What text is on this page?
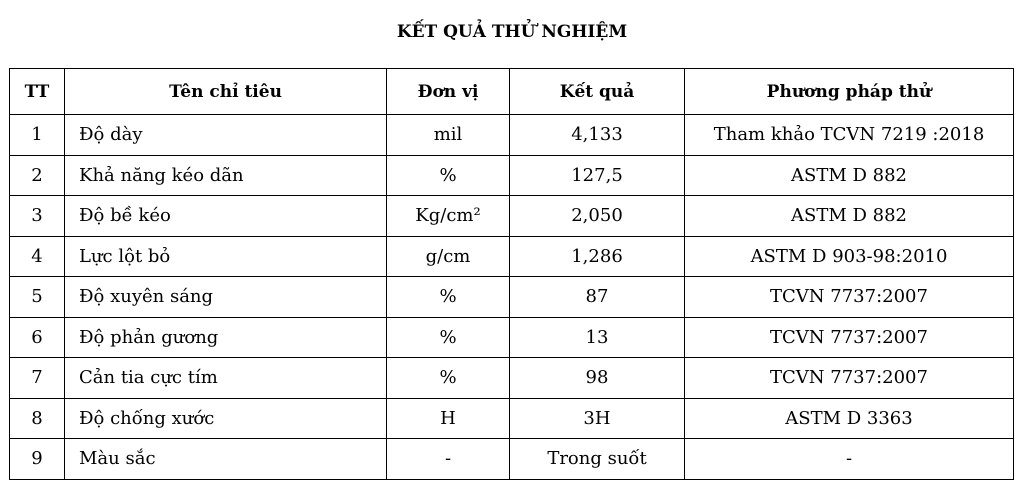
KẾT QUẢ THỬ NGHIỆM
TT	Tên chỉ tiêu	Đơn vị	Kết quả	Phương pháp thử
1	Độ dày	mil	4,133	Tham khảo TCVN 7219 :2018
2	Khả năng kéo dãn	%	127,5	ASTM D 882
3	Độ bề kéo	Kg/cm²	2,050	ASTM D 882
4	Lực lột bỏ	g/cm	1,286	ASTM D 903-98:2010
5	Độ xuyên sáng	%	87	TCVN 7737:2007
6	Độ phản gương	%	13	TCVN 7737:2007
7	Cản tia cực tím	%	98	TCVN 7737:2007
8	Độ chống xước	H	3H	ASTM D 3363
9	Màu sắc	-	Trong suốt	-
